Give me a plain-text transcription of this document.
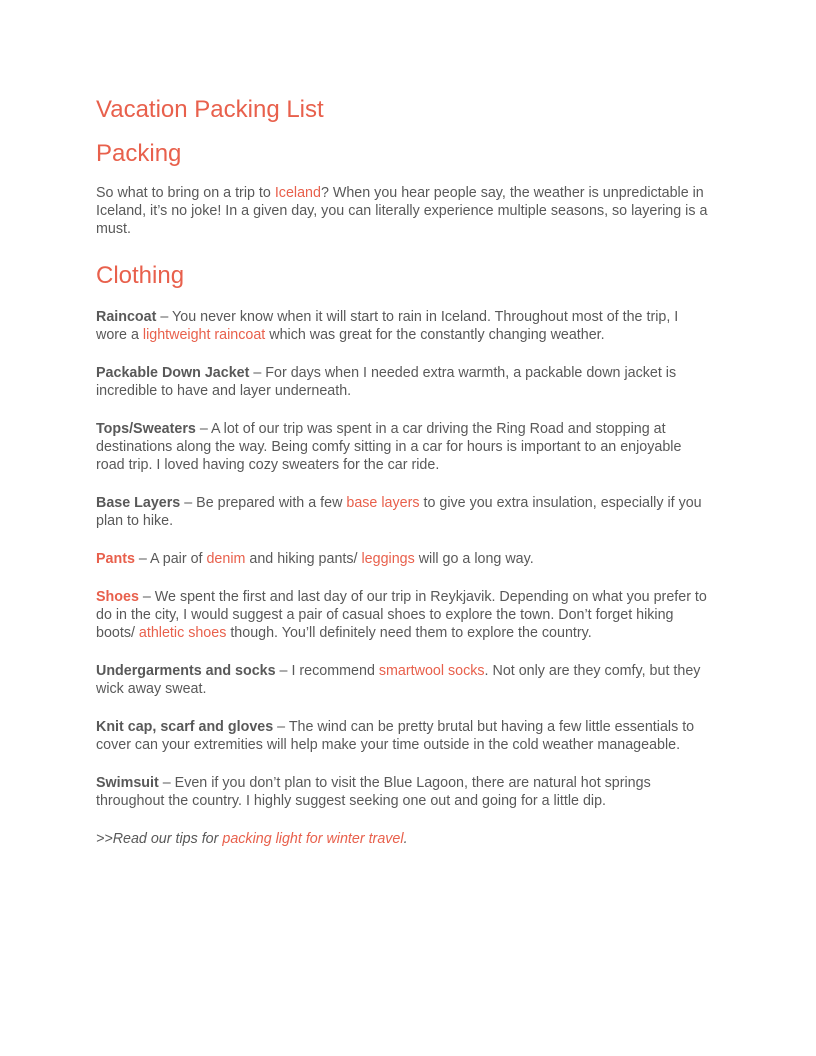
Vacation Packing List
Packing

So what to bring on a trip to Iceland? When you hear people say, the weather is unpredictable in Iceland, it’s no joke! In a given day, you can literally experience multiple seasons, so layering is a must.

Clothing

Raincoat – You never know when it will start to rain in Iceland. Throughout most of the trip, I wore a lightweight raincoat which was great for the constantly changing weather.

Packable Down Jacket – For days when I needed extra warmth, a packable down jacket is incredible to have and layer underneath.

Tops/Sweaters – A lot of our trip was spent in a car driving the Ring Road and stopping at destinations along the way. Being comfy sitting in a car for hours is important to an enjoyable road trip. I loved having cozy sweaters for the car ride.

Base Layers – Be prepared with a few base layers to give you extra insulation, especially if you plan to hike.

Pants – A pair of denim and hiking pants/ leggings will go a long way.

Shoes – We spent the first and last day of our trip in Reykjavik. Depending on what you prefer to do in the city, I would suggest a pair of casual shoes to explore the town. Don’t forget hiking boots/ athletic shoes though. You’ll definitely need them to explore the country.

Undergarments and socks – I recommend smartwool socks. Not only are they comfy, but they wick away sweat.

Knit cap, scarf and gloves – The wind can be pretty brutal but having a few little essentials to cover can your extremities will help make your time outside in the cold weather manageable.

Swimsuit – Even if you don’t plan to visit the Blue Lagoon, there are natural hot springs throughout the country. I highly suggest seeking one out and going for a little dip.

>>Read our tips for packing light for winter travel.
